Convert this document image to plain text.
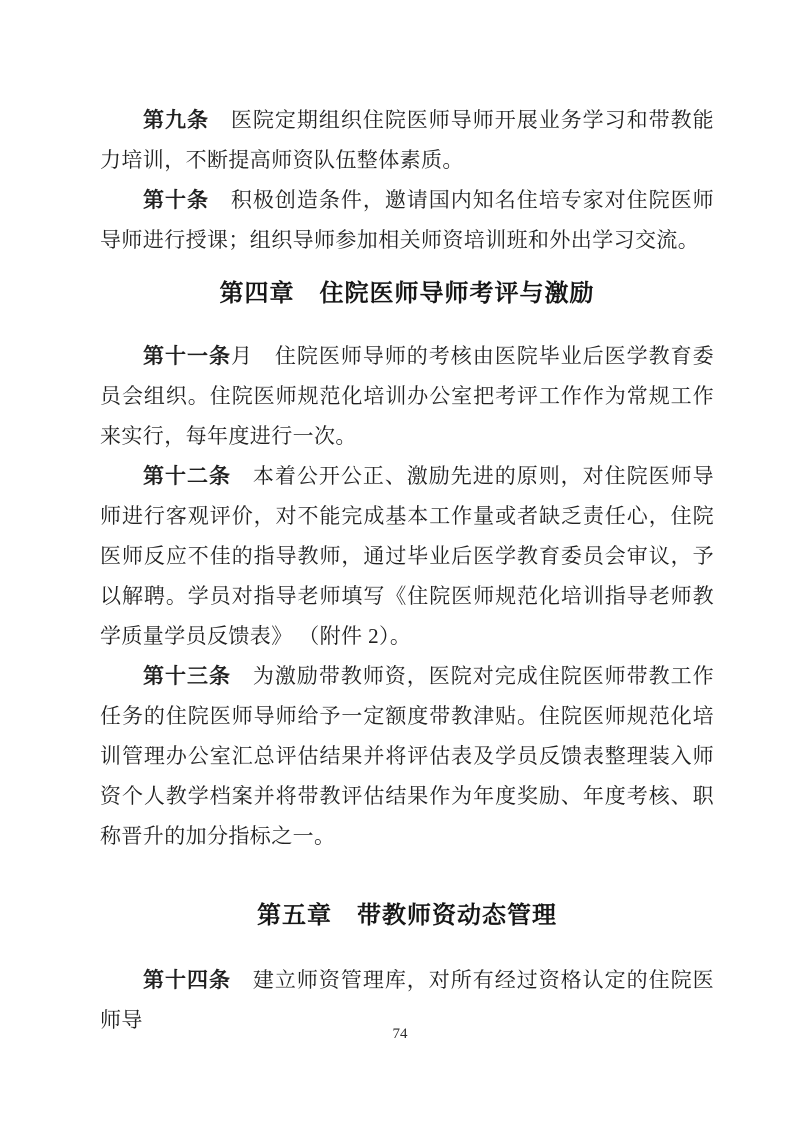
第九条　医院定期组织住院医师导师开展业务学习和带教能力培训，不断提高师资队伍整体素质。

第十条　积极创造条件，邀请国内知名住培专家对住院医师导师进行授课；组织导师参加相关师资培训班和外出学习交流。

第四章　住院医师导师考评与激励

第十一条月　住院医师导师的考核由医院毕业后医学教育委员会组织。住院医师规范化培训办公室把考评工作作为常规工作来实行，每年度进行一次。

第十二条　本着公开公正、激励先进的原则，对住院医师导师进行客观评价，对不能完成基本工作量或者缺乏责任心，住院医师反应不佳的指导教师，通过毕业后医学教育委员会审议，予以解聘。学员对指导老师填写《住院医师规范化培训指导老师教学质量学员反馈表》 （附件 2）。

第十三条　为激励带教师资，医院对完成住院医师带教工作任务的住院医师导师给予一定额度带教津贴。住院医师规范化培训管理办公室汇总评估结果并将评估表及学员反馈表整理装入师资个人教学档案并将带教评估结果作为年度奖励、年度考核、职称晋升的加分指标之一。

第五章　带教师资动态管理

第十四条　建立师资管理库，对所有经过资格认定的住院医师导

74
